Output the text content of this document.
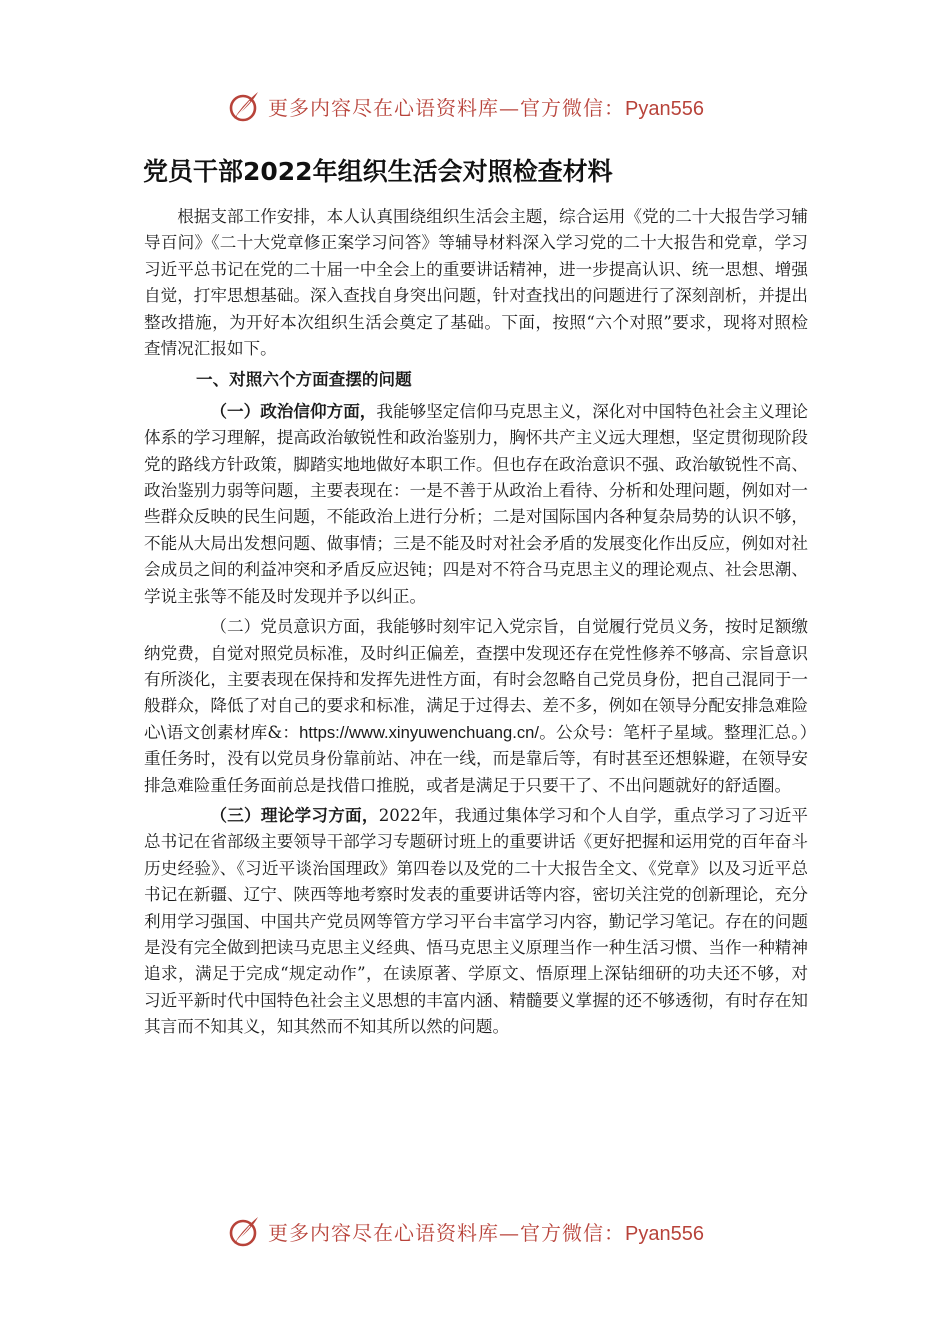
更多内容尽在心语资料库—官方微信：Pyan556
党员干部2022年组织生活会对照检查材料

根据支部工作安排，本人认真围绕组织生活会主题，综合运用《党的二十大报告学习辅导百问》《二十大党章修正案学习问答》等辅导材料深入学习党的二十大报告和党章，学习习近平总书记在党的二十届一中全会上的重要讲话精神，进一步提高认识、统一思想、增强自觉，打牢思想基础。深入查找自身突出问题，针对查找出的问题进行了深刻剖析，并提出整改措施，为开好本次组织生活会奠定了基础。下面，按照“六个对照”要求，现将对照检查情况汇报如下。

一、对照六个方面查摆的问题

（一）政治信仰方面，我能够坚定信仰马克思主义，深化对中国特色社会主义理论体系的学习理解，提高政治敏锐性和政治鉴别力，胸怀共产主义远大理想，坚定贯彻现阶段党的路线方针政策，脚踏实地地做好本职工作。但也存在政治意识不强、政治敏锐性不高、政治鉴别力弱等问题，主要表现在：一是不善于从政治上看待、分析和处理问题，例如对一些群众反映的民生问题，不能政治上进行分析；二是对国际国内各种复杂局势的认识不够，不能从大局出发想问题、做事情；三是不能及时对社会矛盾的发展变化作出反应，例如对社会成员之间的利益冲突和矛盾反应迟钝；四是对不符合马克思主义的理论观点、社会思潮、学说主张等不能及时发现并予以纠正。

（二）党员意识方面，我能够时刻牢记入党宗旨，自觉履行党员义务，按时足额缴纳党费，自觉对照党员标准，及时纠正偏差，查摆中发现还存在党性修养不够高、宗旨意识有所淡化，主要表现在保持和发挥先进性方面，有时会忽略自己党员身份，把自己混同于一般群众，降低了对自己的要求和标准，满足于过得去、差不多，例如在领导分配安排急难险心\语文创素材库&：https://www.xinyuwenchuang.cn/。公众号：笔杆子星域。整理汇总。）重任务时，没有以党员身份靠前站、冲在一线，而是靠后等，有时甚至还想躲避，在领导安排急难险重任务面前总是找借口推脱，或者是满足于只要干了、不出问题就好的舒适圈。

（三）理论学习方面，2022年，我通过集体学习和个人自学，重点学习了习近平总书记在省部级主要领导干部学习专题研讨班上的重要讲话《更好把握和运用党的百年奋斗历史经验》、《习近平谈治国理政》第四卷以及党的二十大报告全文、《党章》以及习近平总书记在新疆、辽宁、陕西等地考察时发表的重要讲话等内容，密切关注党的创新理论，充分利用学习强国、中国共产党员网等管方学习平台丰富学习内容，勤记学习笔记。存在的问题是没有完全做到把读马克思主义经典、悟马克思主义原理当作一种生活习惯、当作一种精神追求，满足于完成“规定动作”，在读原著、学原文、悟原理上深钻细研的功夫还不够，对习近平新时代中国特色社会主义思想的丰富内涵、精髓要义掌握的还不够透彻，有时存在知其言而不知其义，知其然而不知其所以然的问题。

更多内容尽在心语资料库—官方微信：Pyan556
